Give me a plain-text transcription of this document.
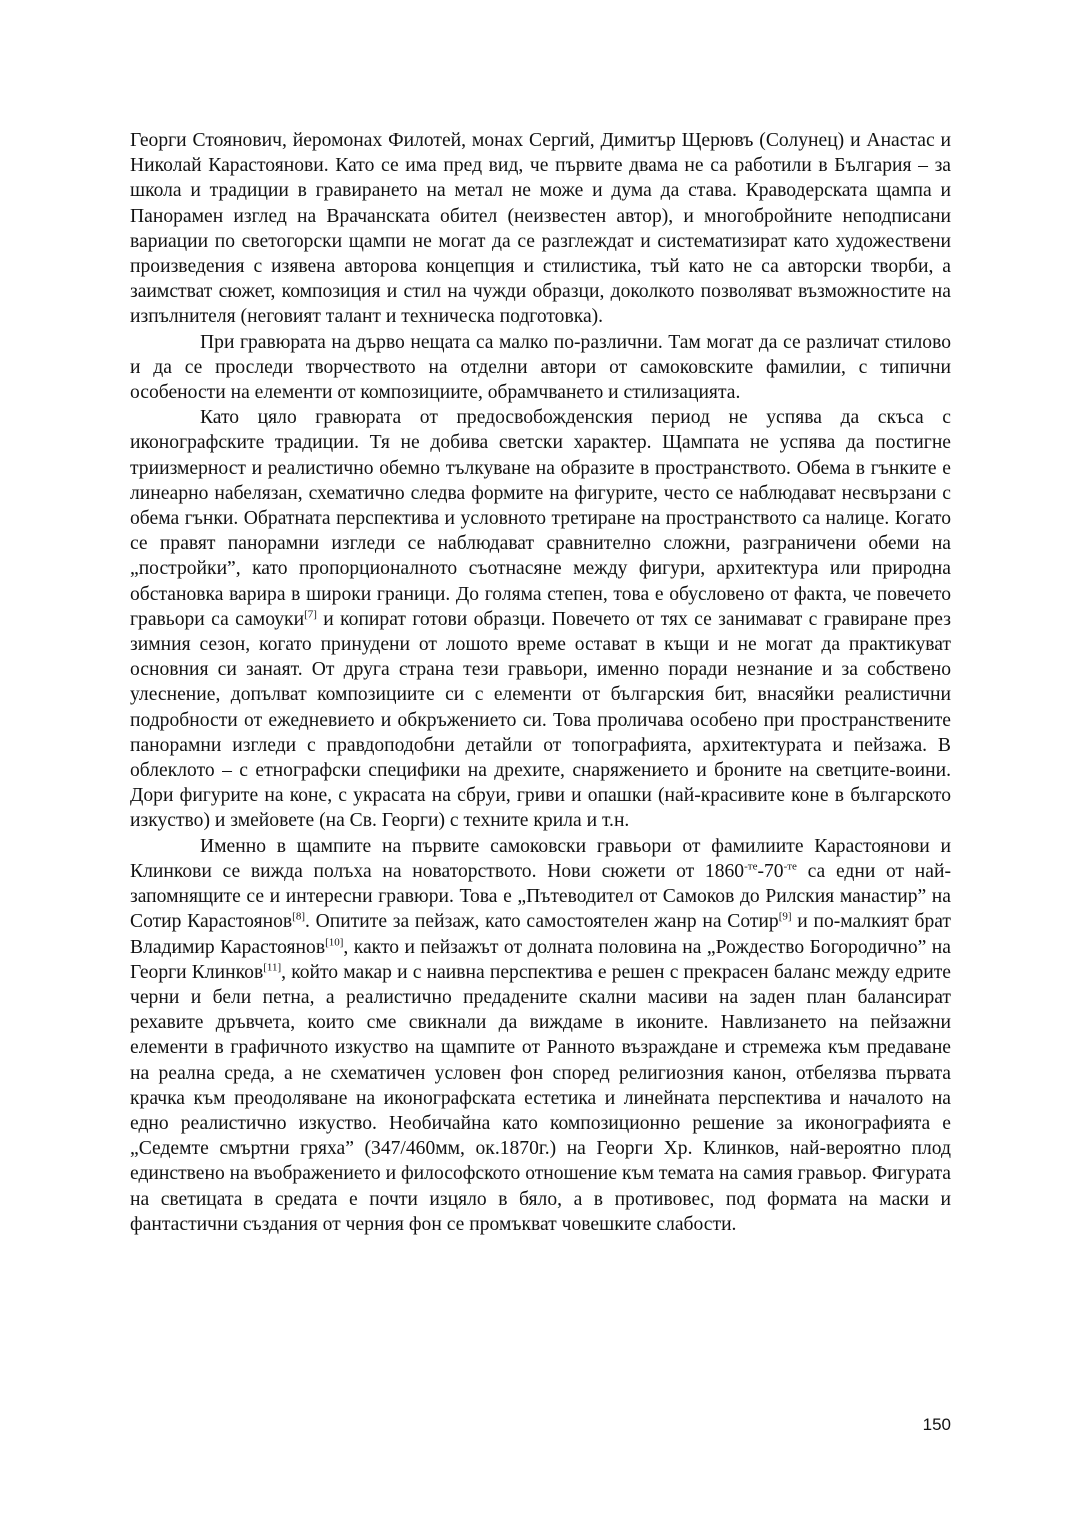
Георги Стоянович, йеромонах Филотей, монах Сергий, Димитър Щерювъ (Солунец) и Анастас и Николай Карастоянови. Като се има пред вид, че първите двама не са работили в България – за школа и традиции в гравирането на метал не може и дума да става. Краводерската щампа и Панорамен изглед на Врачанската обител (неизвестен автор), и многобройните неподписани вариации по светогорски щампи не могат да се разглеждат и систематизират като художествени произведения с изявена авторова концепция и стилистика, тъй като не са авторски творби, а заимстват сюжет, композиция и стил на чужди образци, доколкото позволяват възможностите на изпълнителя (неговият талант и техническа подготовка).

При гравюрата на дърво нещата са малко по-различни. Там могат да се различат стилово и да се проследи творчеството на отделни автори от самоковските фамилии, с типични особености на елементи от композициите, обрамчването и стилизацията.

Като цяло гравюрата от предосвобожденския период не успява да скъса с иконографските традиции. Тя не добива светски характер. Щампата не успява да постигне триизмерност и реалистично обемно тълкуване на образите в пространството. Обема в гънките е линеарно набелязан, схематично следва формите на фигурите, често се наблюдават несвързани с обема гънки. Обратната перспектива и условното третиране на пространството са налице. Когато се правят панорамни изгледи се наблюдават сравнително сложни, разграничени обеми на „постройки”, като пропорционалното съотнасяне между фигури, архитектура или природна обстановка варира в широки граници. До голяма степен, това е обусловено от факта, че повечето гравьори са самоуки[7] и копират готови образци. Повечето от тях се занимават с гравиране през зимния сезон, когато принудени от лошото време остават в къщи и не могат да практикуват основния си занаят. От друга страна тези гравьори, именно поради незнание и за собствено улеснение, допълват композициите си с елементи от българския бит, внасяйки реалистични подробности от ежедневието и обкръжението си. Това проличава особено при пространствените панорамни изгледи с правдоподобни детайли от топографията, архитектурата и пейзажа. В облеклото – с етнографски специфики на дрехите, снаряжението и броните на светците-воини. Дори фигурите на коне, с украсата на сбруи, гриви и опашки (най-красивите коне в българското изкуство) и змейовете (на Св. Георги) с техните крила и т.н.

Именно в щампите на първите самоковски гравьори от фамилиите Карастоянови и Клинкови се вижда полъха на новаторството. Нови сюжети от $1860^{-те}-70^{-те}$ са едни от най-запомнящите се и интересни гравюри. Това е „Пътеводител от Самоков до Рилския манастир” на Сотир Карастоянов[8]. Опитите за пейзаж, като самостоятелен жанр на Сотир[9] и по-малкият брат Владимир Карастоянов[10], както и пейзажът от долната половина на „Рождество Богородично” на Георги Клинков[11], който макар и с наивна перспектива е решен с прекрасен баланс между едрите черни и бели петна, а реалистично предадените скални масиви на заден план балансират рехавите дръвчета, които сме свикнали да виждаме в иконите. Навлизането на пейзажни елементи в графичното изкуство на щампите от Ранното възраждане и стремежа към предаване на реална среда, а не схематичен условен фон според религиозния канон, отбелязва първата крачка към преодоляване на иконографската естетика и линейната перспектива и началото на едно реалистично изкуство. Необичайна като композиционно решение за иконографията е „Седемте смъртни гряха” (347/460мм, ок.1870г.) на Георги Хр. Клинков, най-вероятно плод единствено на въображението и философското отношение към темата на самия гравьор. Фигурата на светицата в средата е почти изцяло в бяло, а в противовес, под формата на маски и фантастични създания от черния фон се промъкват човешките слабости.

150
